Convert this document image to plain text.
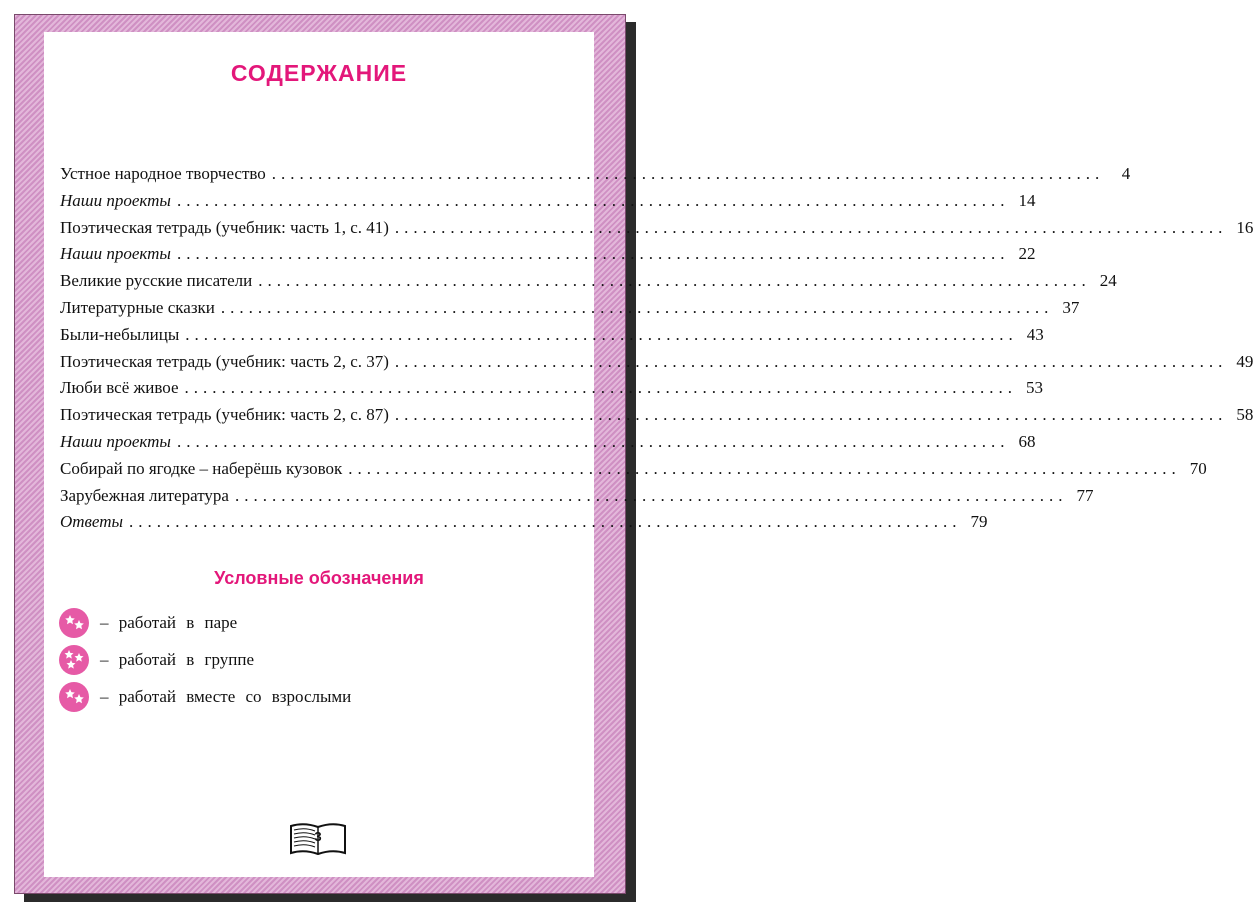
СОДЕРЖАНИЕ
Устное народное творчество ..........................................................................................	4
Наши проекты .......................................................................................... 14
Поэтическая тетрадь (учебник: часть 1, с. 41) .......................................................................................... 16
Наши проекты .......................................................................................... 22
Великие русские писатели .......................................................................................... 24
Литературные сказки .......................................................................................... 37
Были-небылицы .......................................................................................... 43
Поэтическая тетрадь (учебник: часть 2, с. 37) .......................................................................................... 49
Люби всё живое .......................................................................................... 53
Поэтическая тетрадь (учебник: часть 2, с. 87) .......................................................................................... 58
Наши проекты .......................................................................................... 68
Собирай по ягодке – наберёшь кузовок .......................................................................................... 70
Зарубежная литература .......................................................................................... 77
Ответы .......................................................................................... 79
Условные обозначения
– работай в паре
– работай в группе
– работай вместе со взрослыми
3
